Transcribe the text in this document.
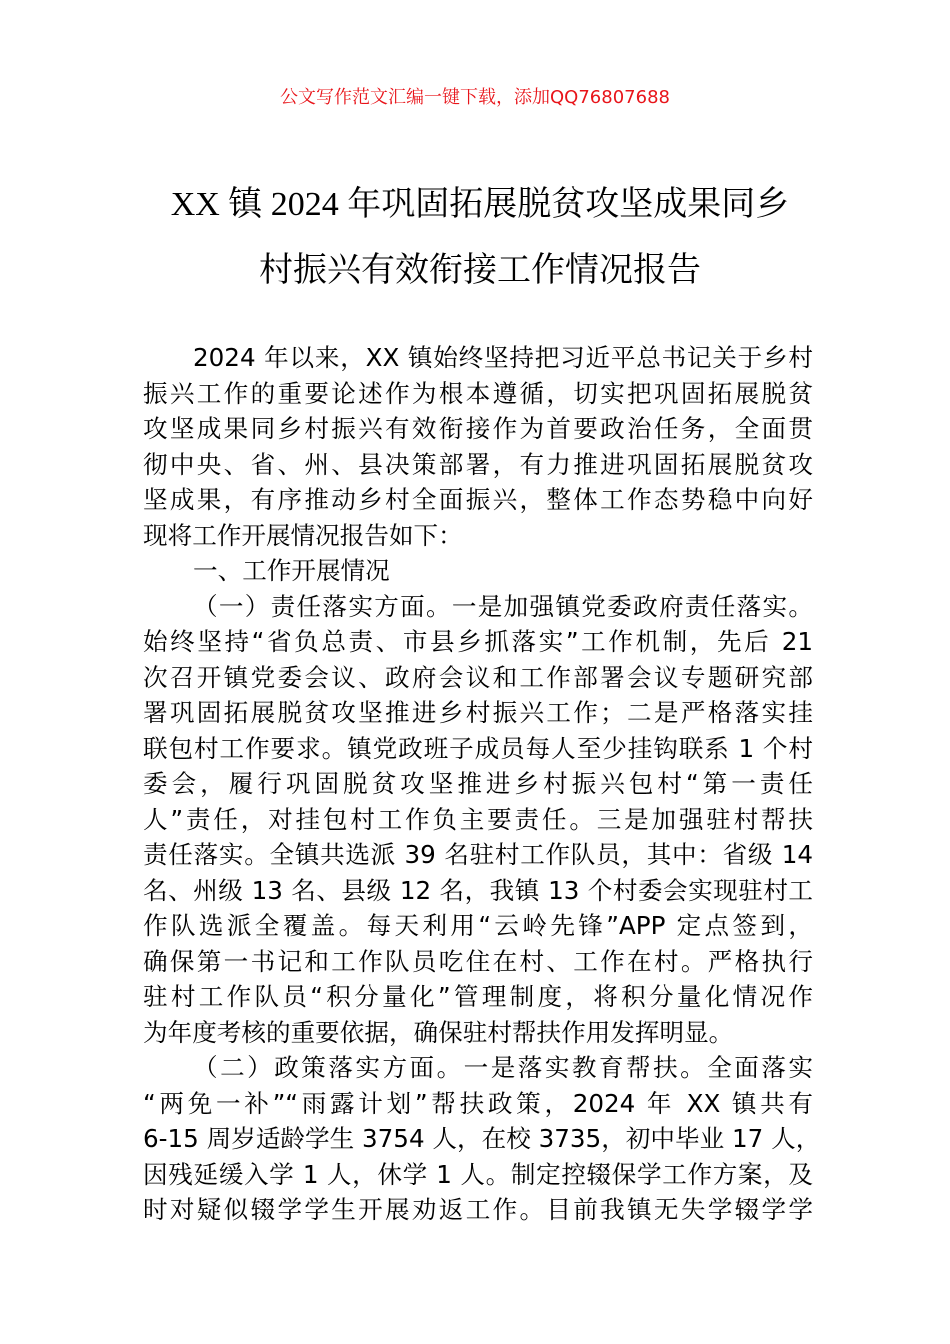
公文写作范文汇编一键下载，添加QQ76807688
XX 镇 2024 年巩固拓展脱贫攻坚成果同乡
村振兴有效衔接工作情况报告
2024 年以来，XX 镇始终坚持把习近平总书记关于乡村
振兴工作的重要论述作为根本遵循，切实把巩固拓展脱贫
攻坚成果同乡村振兴有效衔接作为首要政治任务，全面贯
彻中央、省、州、县决策部署，有力推进巩固拓展脱贫攻
坚成果，有序推动乡村全面振兴，整体工作态势稳中向好
现将工作开展情况报告如下：
一、工作开展情况
（一）责任落实方面。一是加强镇党委政府责任落实。
始终坚持“省负总责、市县乡抓落实”工作机制，先后 21
次召开镇党委会议、政府会议和工作部署会议专题研究部
署巩固拓展脱贫攻坚推进乡村振兴工作；二是严格落实挂
联包村工作要求。镇党政班子成员每人至少挂钩联系 1 个村
委会，履行巩固脱贫攻坚推进乡村振兴包村“第一责任
人”责任，对挂包村工作负主要责任。三是加强驻村帮扶
责任落实。全镇共选派 39 名驻村工作队员，其中：省级 14
名、州级 13 名、县级 12 名，我镇 13 个村委会实现驻村工
作队选派全覆盖。每天利用“云岭先锋”APP 定点签到，
确保第一书记和工作队员吃住在村、工作在村。严格执行
驻村工作队员“积分量化”管理制度，将积分量化情况作
为年度考核的重要依据，确保驻村帮扶作用发挥明显。
（二）政策落实方面。一是落实教育帮扶。全面落实
“两免一补”“雨露计划”帮扶政策，2024 年 XX 镇共有
6-15 周岁适龄学生 3754 人，在校 3735，初中毕业 17 人，
因残延缓入学 1 人，休学 1 人。制定控辍保学工作方案，及
时对疑似辍学学生开展劝返工作。目前我镇无失学辍学学
